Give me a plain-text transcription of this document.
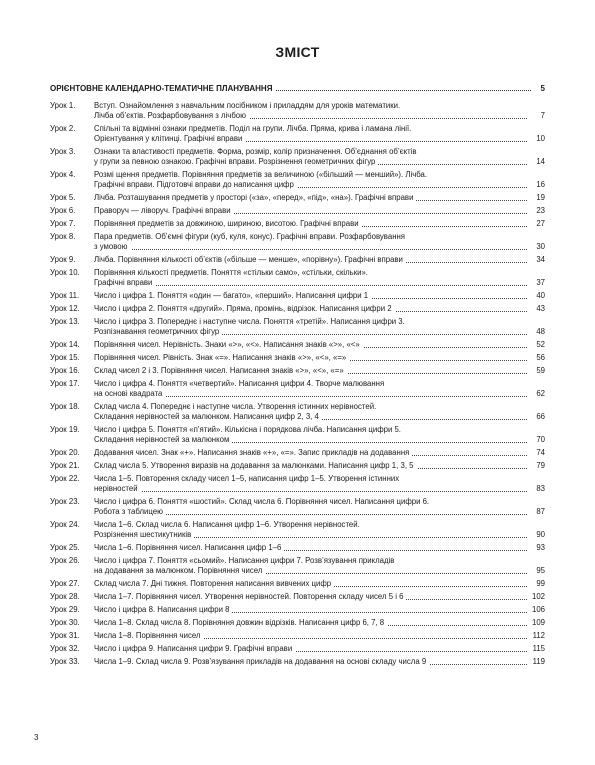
ЗМІСТ
ОРІЄНТОВНЕ КАЛЕНДАРНО-ТЕМАТИЧНЕ ПЛАНУВАННЯ	5
Урок 1. Вступ. Ознайомлення з навчальним посібником і приладдям для уроків математики.
Лічба об’єктів. Розфарбовування з лічбою	7
Урок 2. Спільні та відмінні ознаки предметів. Поділ на групи. Лічба. Пряма, крива і ламана лінії.
Орієнтування у клітинці. Графічні вправи	10
Урок 3. Ознаки та властивості предметів. Форма, розмір, колір призначення. Об’єднання об’єктів
у групи за певною ознакою. Графічні вправи. Розрізнення геометричних фігур	14
Урок 4. Розмі щення предметів. Порівняння предметів за величиною («більший — менший»). Лічба.
Графічні вправи. Підготовчі вправи до написання цифр	16
Урок 5. Лічба. Розташування предметів у просторі («за», «перед», «під», «на»). Графічні вправи	19
Урок 6. Праворуч — ліворуч. Графічні вправи	23
Урок 7. Порівняння предметів за довжиною, шириною, висотою. Графічні вправи	27
Урок 8. Пара предметів. Об’ємні фігури (куб, куля, конус). Графічні вправи. Розфарбовування
з умовою	30
Урок 9. Лічба. Порівняння кількості об’єктів («більше — менше», «порівну»). Графічні вправи	34
Урок 10. Порівняння кількості предметів. Поняття «стільки само», «стільки, скільки».
Графічні вправи	37
Урок 11. Число і цифра 1. Поняття «один — багато», «перший». Написання цифри 1	40
Урок 12. Число і цифра 2. Поняття «другий». Пряма, промінь, відрізок. Написання цифри 2	43
Урок 13. Число і цифра 3. Попереднє і наступне числа. Поняття «третій». Написання цифри 3.
Розпізнавання геометричних фігур	48
Урок 14. Порівняння чисел. Нерівність. Знаки «>», «<». Написання знаків «>», «<»	52
Урок 15. Порівняння чисел. Рівність. Знак «=». Написання знаків «>», «<», «=»	56
Урок 16. Склад чисел 2 і 3. Порівняння чисел. Написання знаків «>», «<», «=»	59
Урок 17. Число і цифра 4. Поняття «четвертий». Написання цифри 4. Творче малювання
на основі квадрата	62
Урок 18. Склад числа 4. Попереднє і наступне числа. Утворення істинних нерівностей.
Складання нерівностей за малюнком. Написання цифр 2, 3, 4	66
Урок 19. Число і цифра 5. Поняття «п’ятий». Кількісна і порядкова лічба. Написання цифри 5.
Складання нерівностей за малюнком	70
Урок 20. Додавання чисел. Знак «+». Написання знаків «+», «=». Запис прикладів на додавання	74
Урок 21. Склад числа 5. Утворення виразів на додавання за малюнками. Написання цифр 1, 3, 5	79
Урок 22. Числа 1–5. Повторення складу чисел 1–5, написання цифр 1–5. Утворення істинних
нерівностей	83
Урок 23. Число і цифра 6. Поняття «шостий». Склад числа 6. Порівняння чисел. Написання цифри 6.
Робота з таблицею	87
Урок 24. Числа 1–6. Склад числа 6. Написання цифр 1–6. Утворення нерівностей.
Розрізнення шестикутників	90
Урок 25. Числа 1–6. Порівняння чисел. Написання цифр 1–6	93
Урок 26. Число і цифра 7. Поняття «сьомий». Написання цифри 7. Розв’язування прикладів
на додавання за малюнком. Порівняння чисел	95
Урок 27. Склад числа 7. Дні тижня. Повторення написання вивчених цифр	99
Урок 28. Числа 1–7. Порівняння чисел. Утворення нерівностей. Повторення складу чисел 5 і 6	102
Урок 29. Число і цифра 8. Написання цифри 8	106
Урок 30. Числа 1–8. Склад числа 8. Порівняння довжин відрізків. Написання цифр 6, 7, 8	109
Урок 31. Числа 1–8. Порівняння чисел	112
Урок 32. Число і цифра 9. Написання цифри 9. Графічні вправи	115
Урок 33. Числа 1–9. Склад числа 9. Розв’язування прикладів на додавання на основі складу числа 9	119
3
